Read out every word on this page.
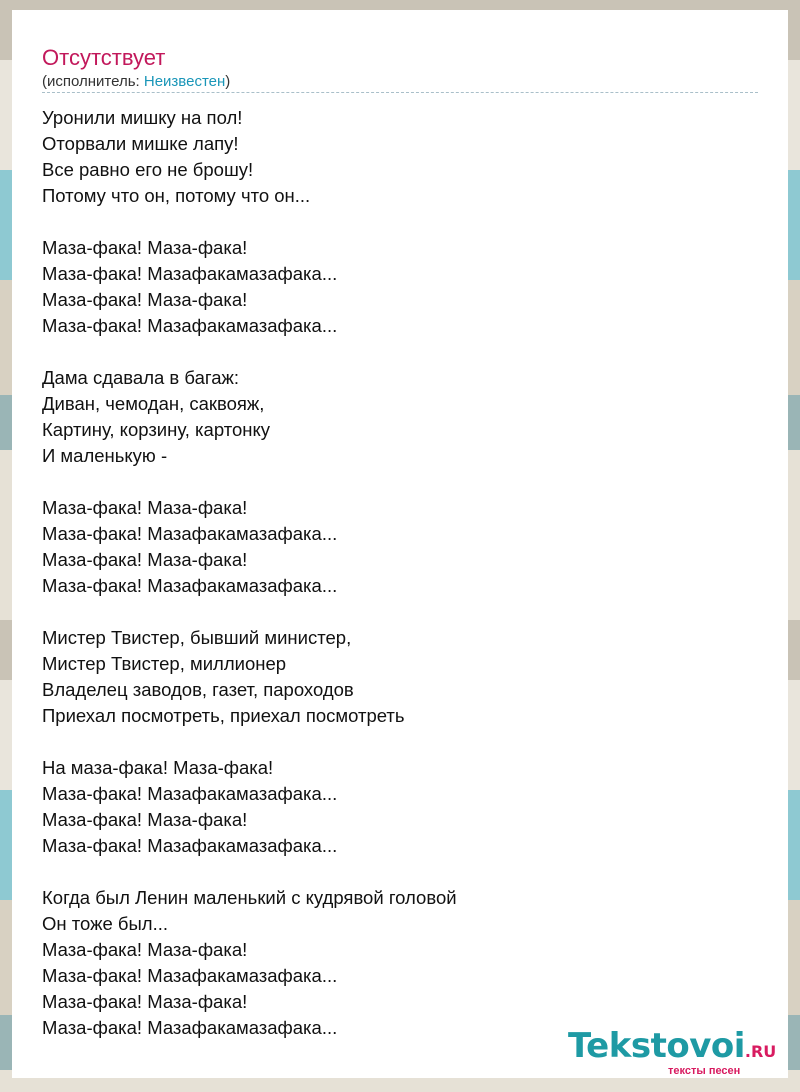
Отсутствует
(исполнитель: Неизвестен)
Уронили мишку на пол!
Оторвали мишке лапу!
Все равно его не брошу!
Потому что он, потому что он...
Маза-фака! Маза-фака!
Маза-фака! Мазафакамазафака...
Маза-фака! Маза-фака!
Маза-фака! Мазафакамазафака...
Дама сдавала в багаж:
Диван, чемодан, саквояж,
Картину, корзину, картонку
И маленькую -
Маза-фака! Маза-фака!
Маза-фака! Мазафакамазафака...
Маза-фака! Маза-фака!
Маза-фака! Мазафакамазафака...
Мистер Твистер, бывший министер,
Мистер Твистер, миллионер
Владелец заводов, газет, пароходов
Приехал посмотреть, приехал посмотреть
На маза-фака! Маза-фака!
Маза-фака! Мазафакамазафака...
Маза-фака! Маза-фака!
Маза-фака! Мазафакамазафака...
Когда был Ленин маленький с кудрявой головой
Он тоже был...
Маза-фака! Маза-фака!
Маза-фака! Мазафакамазафака...
Маза-фака! Маза-фака!
Маза-фака! Мазафакамазафака...	Tekstovoi.RU
тексты песен
